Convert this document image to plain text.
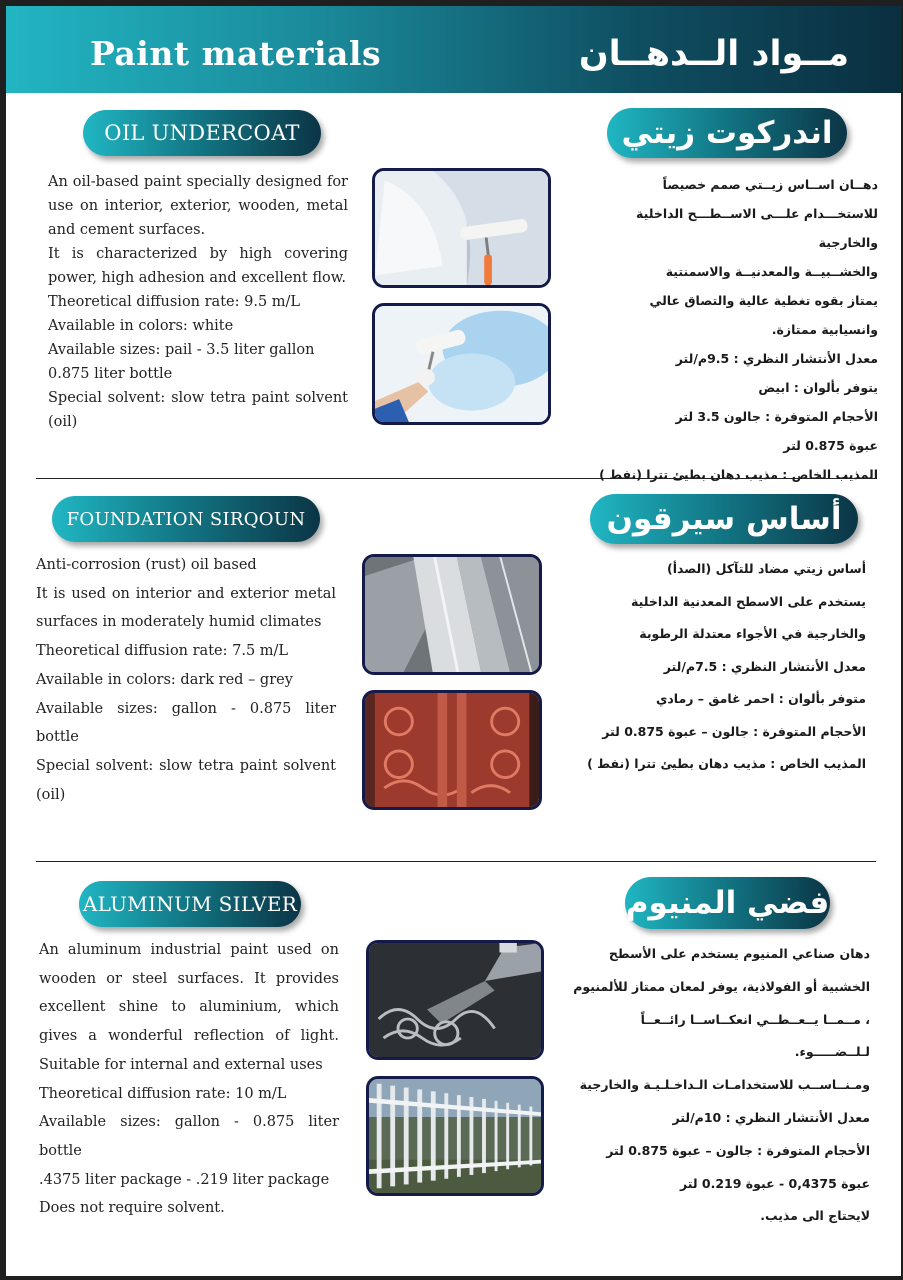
Paint materials	مــواد الــدهــان
OIL UNDERCOAT	اندركوت زيتي
An oil-based paint specially designed for use on interior, exterior, wooden, metal and cement surfaces.
It is characterized by high covering power, high adhesion and excellent flow.
Theoretical diffusion rate: 9.5 m/L
Available in colors: white
Available sizes: pail - 3.5 liter gallon
0.875 liter bottle
Special solvent: slow tetra paint solvent (oil)
دهــان اســاس زيــتي صمم خصيصاً
للاستخـــدام علـــى الاســطـــح الداخلية والخارجية
والخشــبيــة والمعدنيــة والاسمنتية
يمتاز بقوه تغطية عالية والتصاق عالي
وانسيابية ممتازة.
معدل الأنتشار النظري : 9.5م/لتر
يتوفر بألوان : ابيض
الأحجام المتوفرة : جالون 3.5 لتر
عبوة 0.875 لتر
المذيب الخاص : مذيب دهان بطيئ تترا (نفط )
FOUNDATION SIRQOUN	أساس سيرقون
Anti-corrosion (rust) oil based
It is used on interior and exterior metal surfaces in moderately humid climates
Theoretical diffusion rate: 7.5 m/L
Available in colors: dark red – grey
Available sizes: gallon - 0.875 liter bottle
Special solvent: slow tetra paint solvent (oil)
أساس زيتي مضاد للتآكل (الصدأ)
يستخدم على الاسطح المعدنية الداخلية
والخارجية في الأجواء معتدلة الرطوبة
معدل الأنتشار النظري : 7.5م/لتر
متوفر بألوان : احمر غامق – رمادي
الأحجام المتوفرة : جالون – عبوة 0.875 لتر
المذيب الخاص : مذيب دهان بطيئ تترا (نفط )
ALUMINUM SILVER	فضي المنيوم
An aluminum industrial paint used on wooden or steel surfaces. It provides excellent shine to aluminium, which gives a wonderful reflection of light. Suitable for internal and external uses
Theoretical diffusion rate: 10 m/L
Available sizes: gallon - 0.875 liter bottle
.4375 liter package - .219 liter package
Does not require solvent.
دهان صناعي المنيوم يستخدم على الأسطح
الخشبية أو الفولاذية، يوفر لمعان ممتاز للألمنيوم
، مــمــا يــعــطــي انعكــاســا رائــعــاً لـلــضـــــوء.
ومـنــاســب للاستخدامـات الـداخـلـيـة والخارجية
معدل الأنتشار النظري : 10م/لتر
الأحجام المتوفرة : جالون – عبوة 0.875 لتر
عبوة 0,4375 - عبوة 0.219 لتر
لايحتاج الى مذيب.
